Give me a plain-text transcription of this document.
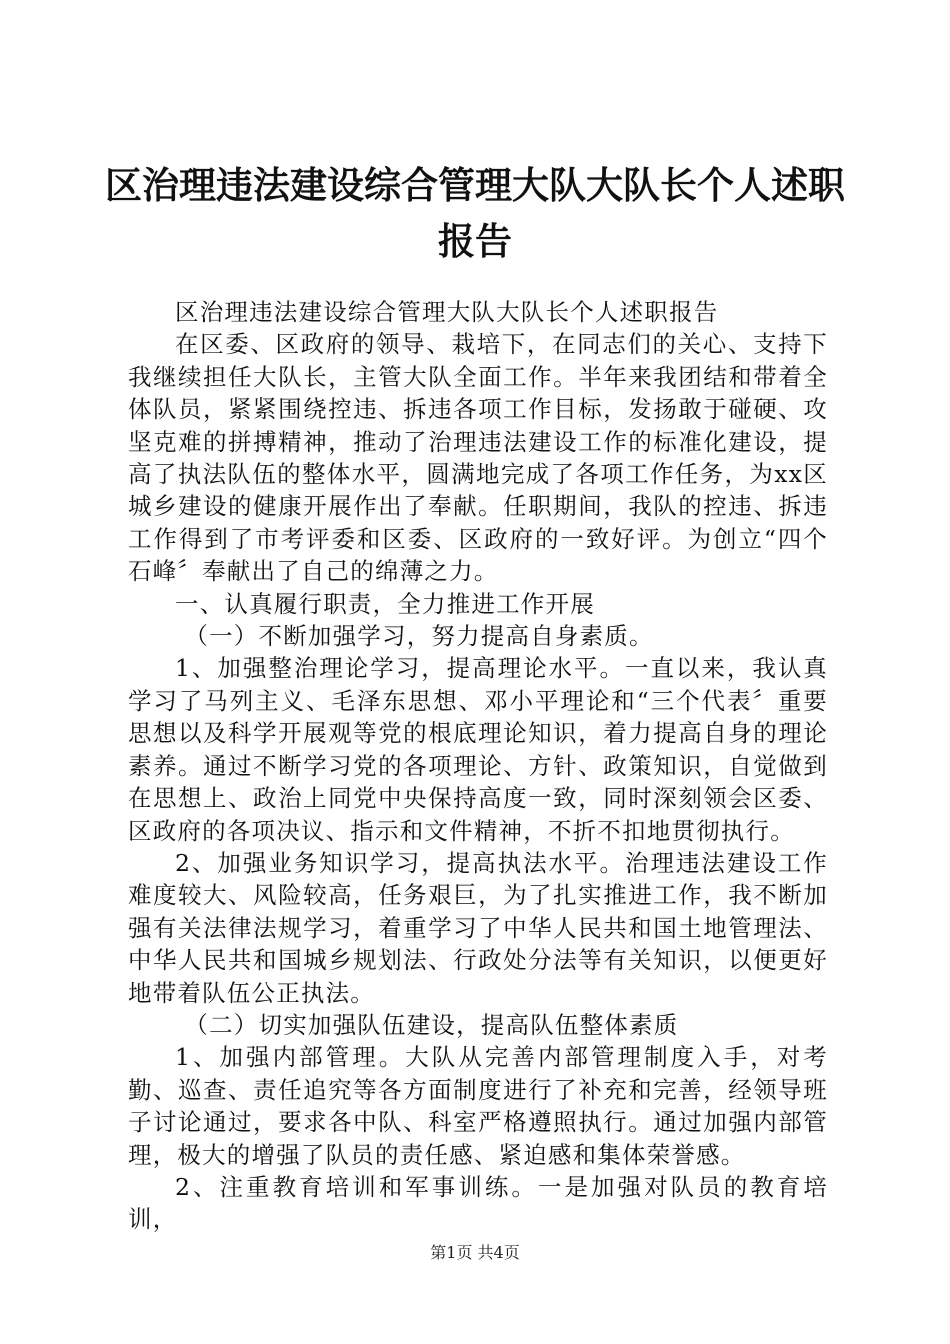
区治理违法建设综合管理大队大队长个人述职
报告

区治理违法建设综合管理大队大队长个人述职报告

在区委、区政府的领导、栽培下，在同志们的关心、支持下我继续担任大队长，主管大队全面工作。半年来我团结和带着全体队员，紧紧围绕控违、拆违各项工作目标，发扬敢于碰硬、攻坚克难的拼搏精神，推动了治理违法建设工作的标准化建设，提高了执法队伍的整体水平，圆满地完成了各项工作任务，为xx区城乡建设的健康开展作出了奉献。任职期间，我队的控违、拆违工作得到了市考评委和区委、区政府的一致好评。为创立“四个石峰〞奉献出了自己的绵薄之力。

一、认真履行职责，全力推进工作开展

（一）不断加强学习，努力提高自身素质。

1、加强整治理论学习，提高理论水平。一直以来，我认真学习了马列主义、毛泽东思想、邓小平理论和“三个代表〞重要思想以及科学开展观等党的根底理论知识，着力提高自身的理论素养。通过不断学习党的各项理论、方针、政策知识，自觉做到在思想上、政治上同党中央保持高度一致，同时深刻领会区委、区政府的各项决议、指示和文件精神，不折不扣地贯彻执行。

2、加强业务知识学习，提高执法水平。治理违法建设工作难度较大、风险较高，任务艰巨，为了扎实推进工作，我不断加强有关法律法规学习，着重学习了中华人民共和国土地管理法、中华人民共和国城乡规划法、行政处分法等有关知识，以便更好地带着队伍公正执法。

（二）切实加强队伍建设，提高队伍整体素质

1、加强内部管理。大队从完善内部管理制度入手，对考勤、巡查、责任追究等各方面制度进行了补充和完善，经领导班子讨论通过，要求各中队、科室严格遵照执行。通过加强内部管理，极大的增强了队员的责任感、紧迫感和集体荣誉感。

2、注重教育培训和军事训练。一是加强对队员的教育培训，

第1页 共4页
